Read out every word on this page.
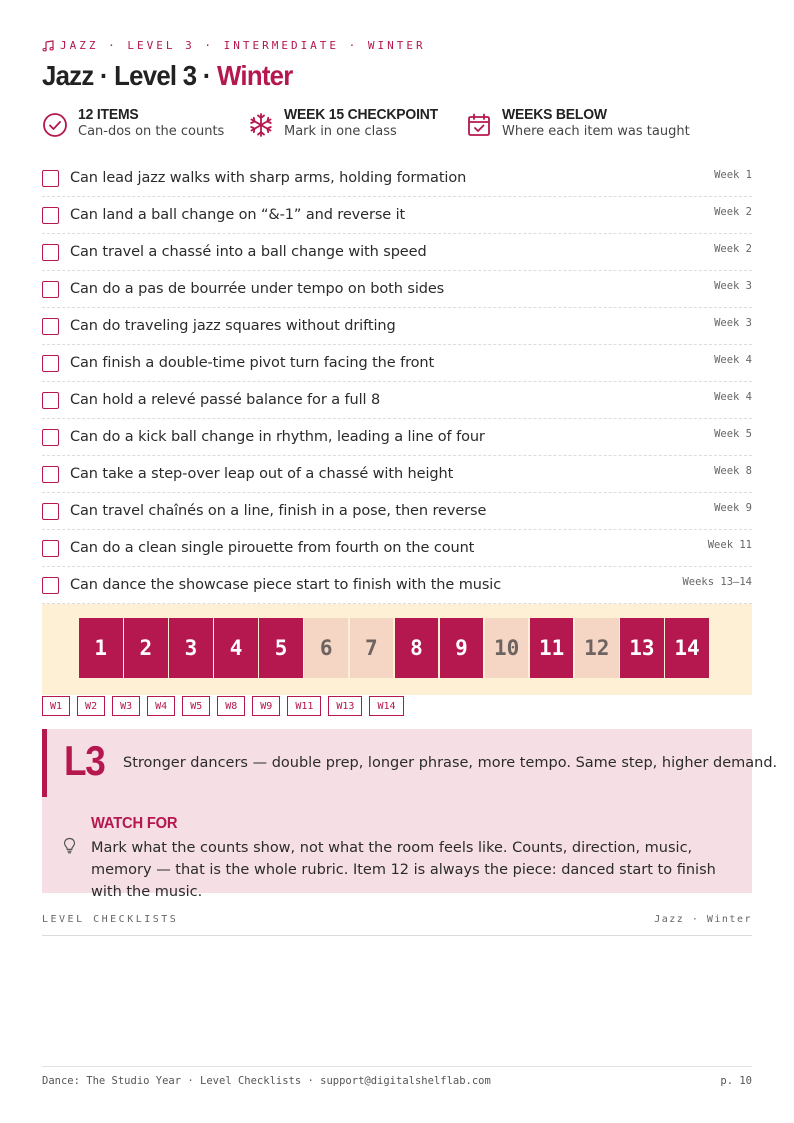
JAZZ · LEVEL 3 · INTERMEDIATE · WINTER
Jazz · Level 3 · Winter
12 ITEMS
Can-dos on the counts
WEEK 15 CHECKPOINT
Mark in one class
WEEKS BELOW
Where each item was taught
Can lead jazz walks with sharp arms, holding formation	Week 1
Can land a ball change on “&-1” and reverse it	Week 2
Can travel a chassé into a ball change with speed	Week 2
Can do a pas de bourrée under tempo on both sides	Week 3
Can do traveling jazz squares without drifting	Week 3
Can finish a double-time pivot turn facing the front	Week 4
Can hold a relevé passé balance for a full 8	Week 4
Can do a kick ball change in rhythm, leading a line of four	Week 5
Can take a step-over leap out of a chassé with height	Week 8
Can travel chaînés on a line, finish in a pose, then reverse	Week 9
Can do a clean single pirouette from fourth on the count	Week 11
Can dance the showcase piece start to finish with the music	Weeks 13–14
1	2	3	4	5	6	7	8	9	10 11 12 13 14
W1	W2	W3	W4	W5	W8	W9	W11	W13	W14
L3 Stronger dancers — double prep, longer phrase, more tempo. Same step, higher demand.
WATCH FOR
Mark what the counts show, not what the room feels like. Counts, direction, music, memory — that is the whole rubric. Item 12 is always the piece: danced start to finish with the music.
LEVEL CHECKLISTS	Jazz · Winter
Dance: The Studio Year · Level Checklists · support@digitalshelflab.com	p. 10
